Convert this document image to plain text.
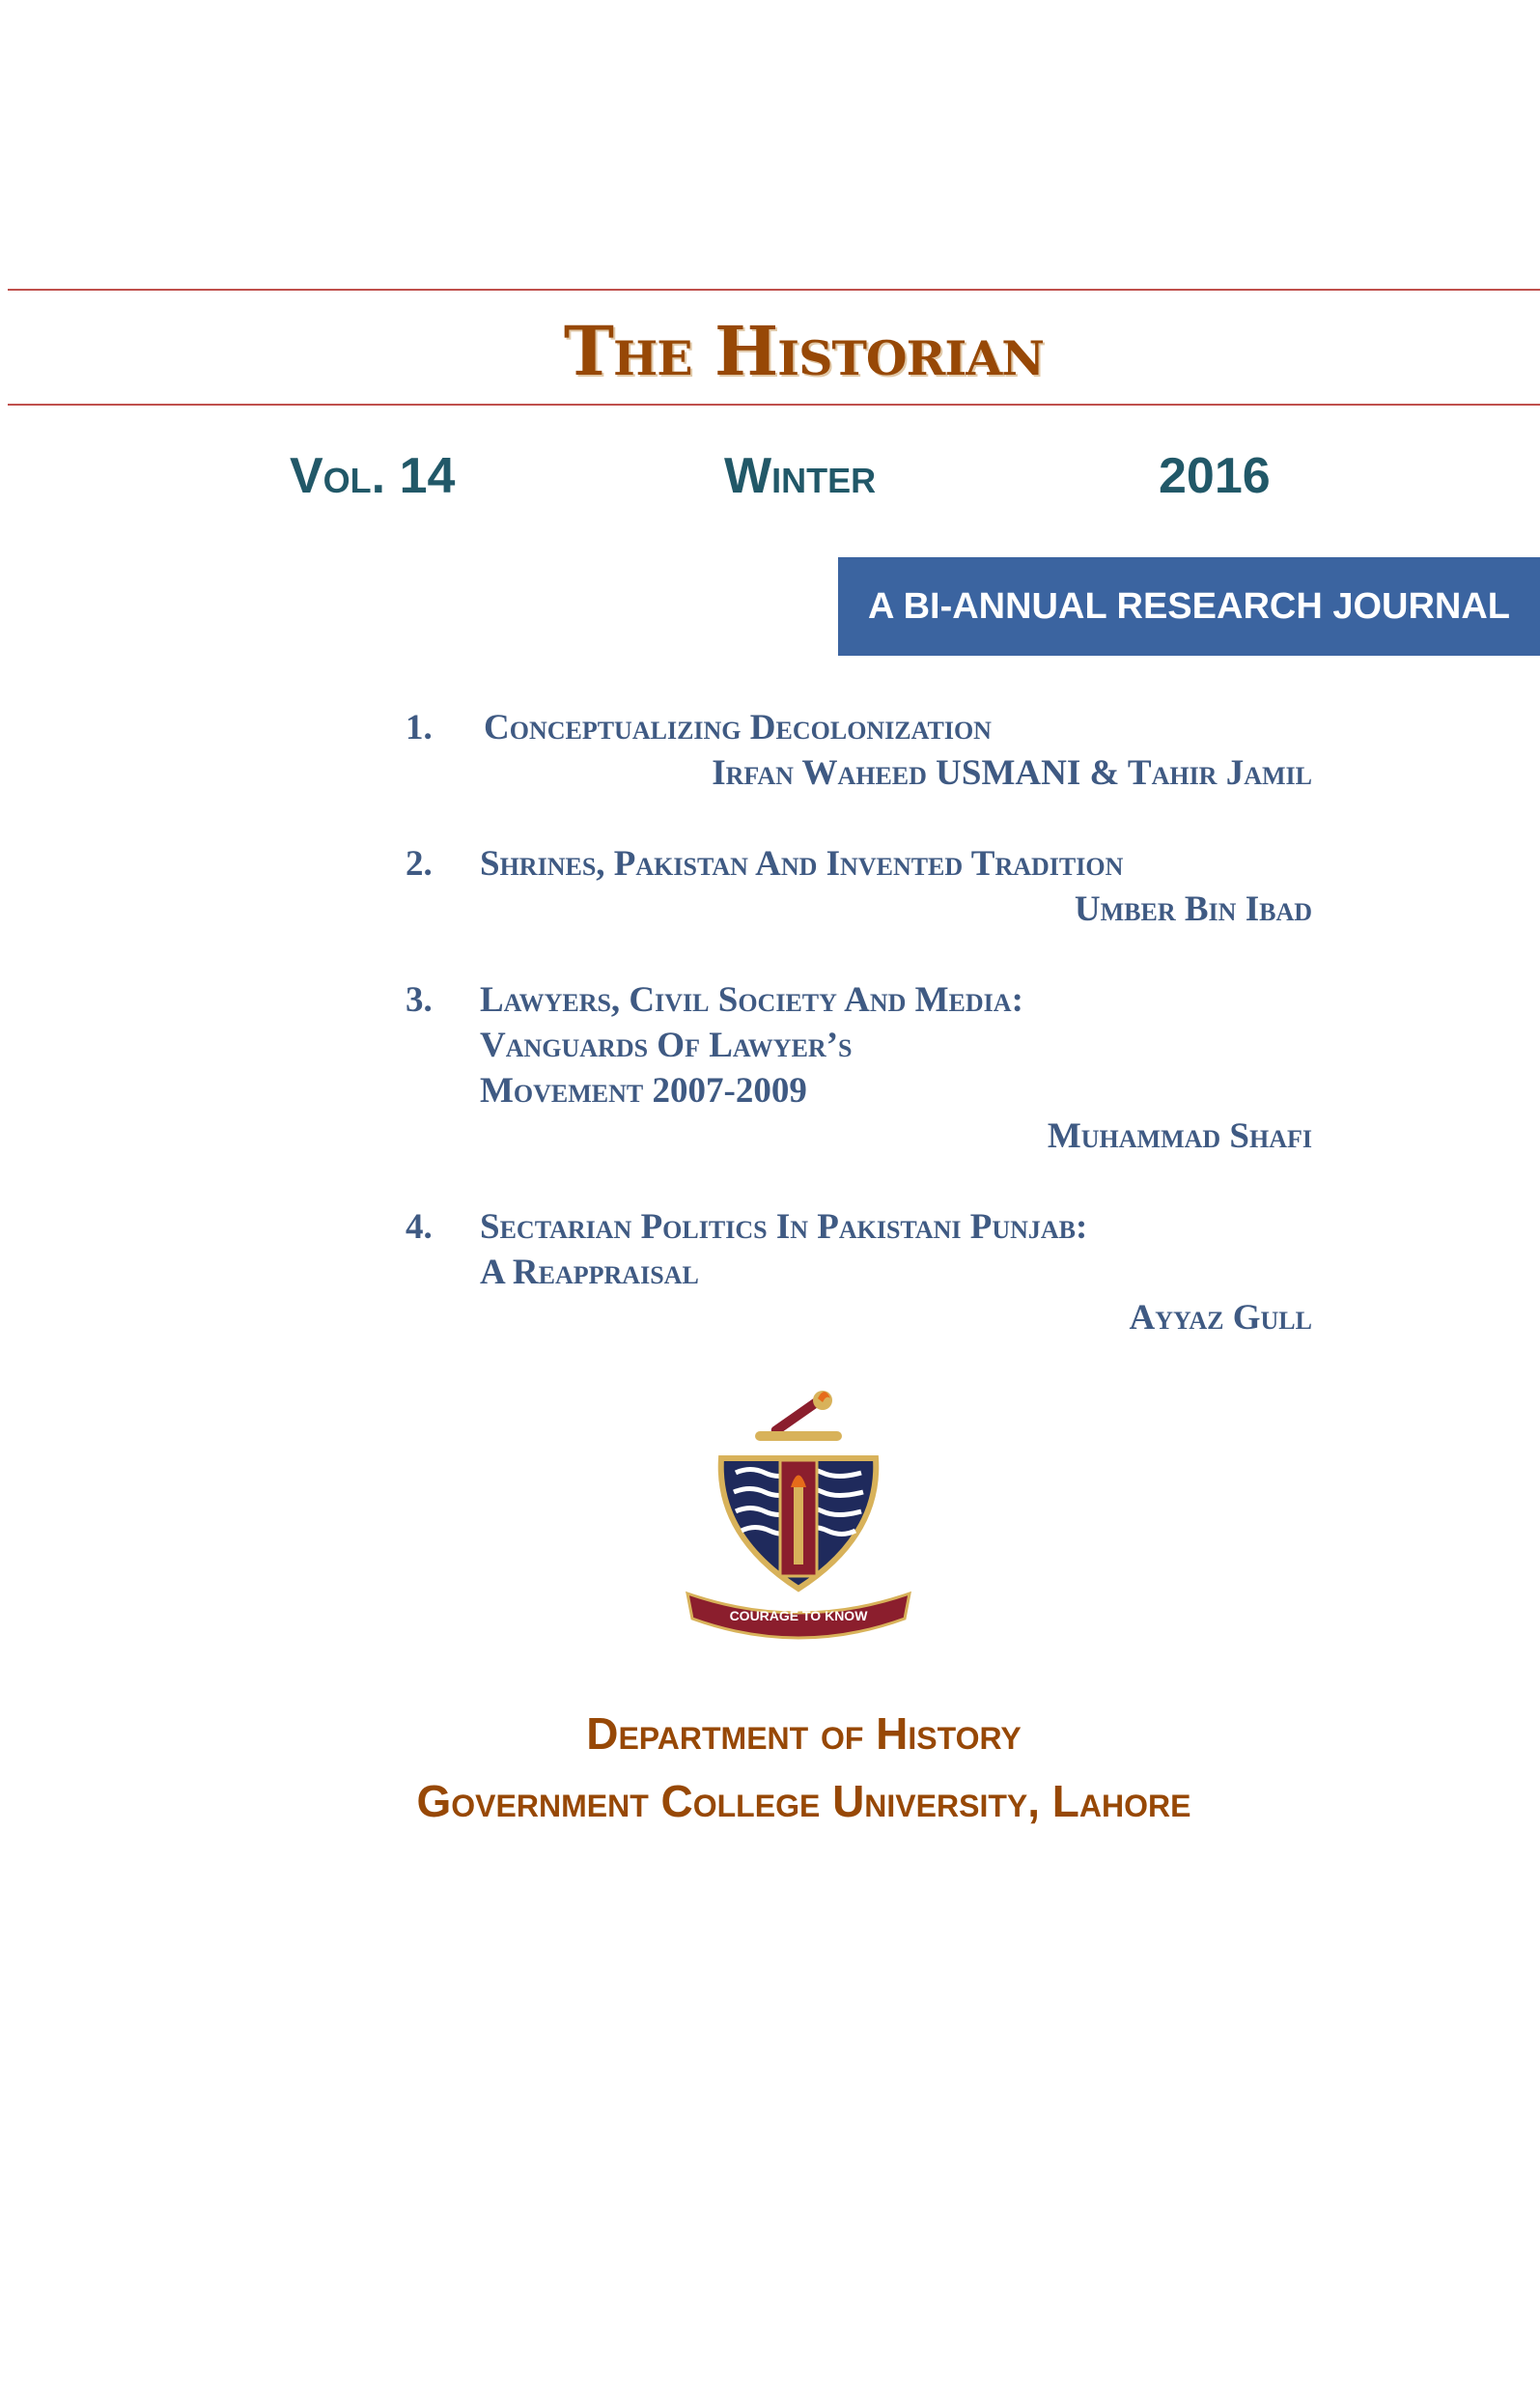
The Historian
Vol. 14	Winter	2016
A BI-ANNUAL RESEARCH JOURNAL
1. Conceptualizing Decolonization
Irfan Waheed USMANI & Tahir Jamil
2. Shrines, Pakistan And Invented Tradition
Umber Bin Ibad
3. Lawyers, Civil Society And Media:
Vanguards Of Lawyer’s
Movement 2007-2009
Muhammad Shafi
4. Sectarian Politics In Pakistani Punjab:
A Reappraisal
Ayyaz Gull
COURAGE TO KNOW
Department of History
Government College University, Lahore
